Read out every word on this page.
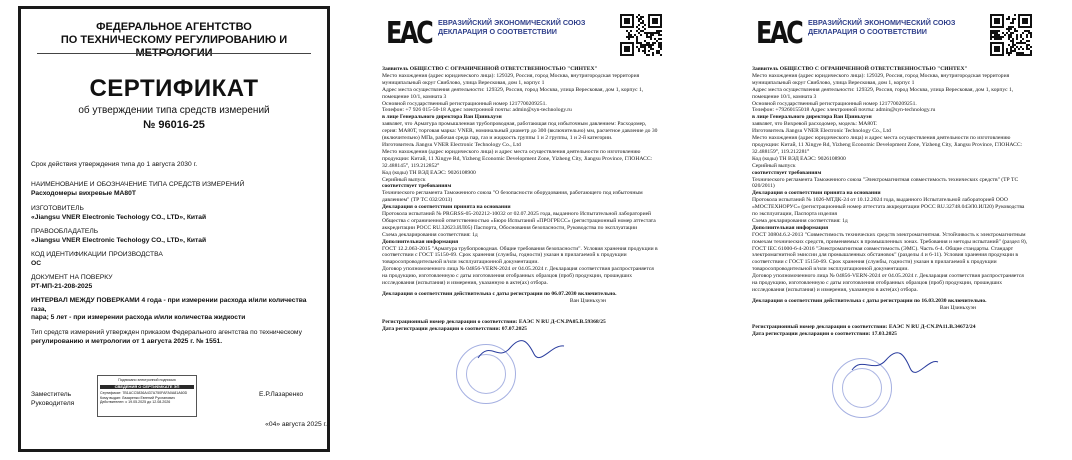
ФЕДЕРАЛЬНОЕ АГЕНТСТВО
ПО ТЕХНИЧЕСКОМУ РЕГУЛИРОВАНИЮ И МЕТРОЛОГИИ
СЕРТИФИКАТ
об утверждении типа средств измерений
№ 96016-25
Срок действия утверждения типа до 1 августа 2030 г.
НАИМЕНОВАНИЕ И ОБОЗНАЧЕНИЕ ТИПА СРЕДСТВ ИЗМЕРЕНИЙ
Расходомеры вихревые MA80T
ИЗГОТОВИТЕЛЬ
«Jiangsu VNER Electronic Techology CO., LTD», Китай
ПРАВООБЛАДАТЕЛЬ
«Jiangsu VNER Electronic Techology CO., LTD», Китай
КОД ИДЕНТИФИКАЦИИ ПРОИЗВОДСТВА
ОС
ДОКУМЕНТ НА ПОВЕРКУ
РТ-МП-21-208-2025
ИНТЕРВАЛ МЕЖДУ ПОВЕРКАМИ 4 года - при измерении расхода и/или количества газа,
пара; 5 лет - при измерении расхода и/или количества жидкости
Тип средств измерений утвержден приказом Федерального агентства по техническому
регулированию и метрологии от 1 августа 2025 г. № 1551.
Заместитель Руководителя
Подписано электронной подписью
СВЕДЕНИЯ О СЕРТИФИКАТЕ ЭП
Сертификат: 7B1ACC5836A437A750FAFA0A81A60D
Кому выдан: Лазаренко Евгений Русланович
Действителен: с 19.05.2025 до 12.08.2026
Е.Р.Лазаренко
«04» августа 2025 г.
ЕАС ЕВРАЗИЙСКИЙ ЭКОНОМИЧЕСКИЙ СОЮЗ
ДЕКЛАРАЦИЯ О СООТВЕТСТВИИ
Заявитель ОБЩЕСТВО С ОГРАНИЧЕННОЙ ОТВЕТСТВЕННОСТЬЮ "СИНТЕХ"
Место нахождения (адрес юридического лица): 129329, Россия, город Москва, внутригородская территория муниципальный округ Свиблово, улица Вересковая, дом 1, корпус 1
Адрес места осуществления деятельности: 129329, Россия, город Москва, улица Вересковая, дом 1, корпус 1, помещение 10/1, комната 3
Основной государственный регистрационный номер 1217700209251.
Телефон: +7 926 015-50-18 Адрес электронной почты: admin@syn-technology.ru
в лице Генерального директора Ван Цзиньхуэн
заявляет, что Арматура промышленная трубопроводная, работающая под избыточным давлением: Расходомер, серия: MA80T, торговая марка: VNER, номинальный диаметр до 300 (включительно) мм, расчетное давление до 30 (включительно) МПа, рабочая среда пар, газ и жидкость группы 1 и 2 группы, 1 и 2-й категории.
Изготовитель Jiangsu VNER Electronic Technology Co., Ltd
Место нахождения (адрес юридического лица) и адрес места осуществления деятельности по изготовлению продукции: Китай, 11 Xingye Rd, Yizheng Economic Development Zone, Yizheng City, Jiangsu Province, ГЛОНАСС: 32.488145°, 119.212852°
Код (коды) ТН ВЭД ЕАЭС: 9026108900
Серийный выпуск
соответствует требованиям
Технического регламента Таможенного союза "О безопасности оборудования, работающего под избыточным давлением" (ТР ТС 032/2013)
Декларация о соответствии принята на основании
Протокола испытаний № PRGRSS-05-202212-10032 от 02.07.2025 года, выданного Испытательной лабораторией Общества с ограниченной ответственностью «Бюро Испытаний «ПРОГРЕСС» (регистрационный номер аттестата аккредитации РОСС RU.32623.ИЛ05) Паспорта, Обоснования безопасности, Руководства по эксплуатации
Схема декларирования соответствия: 1д
Дополнительная информация
ГОСТ 12.2.063-2015 "Арматура трубопроводная. Общие требования безопасности". Условия хранения продукции в соответствии с ГОСТ 15150-69. Срок хранения (службы, годности) указан в прилагаемой к продукции товаросопроводительной и/или эксплуатационной документации.
Договор уполномоченного лица № 04856-VERN-2024 от 04.05.2024 г. Декларация соответствия распространяется на продукцию, изготовленную с даты изготовления отобранных образцов (проб) продукции, прошедших исследования (испытания) и измерения, указанную в акте(ах) отбора.
Декларация о соответствии действительна с даты регистрации по 06.07.2030 включительно.
Ван Цзиньхуэн
Регистрационный номер декларации о соответствии: ЕАЭС N RU Д-CN.РА05.В.59368/25
Дата регистрации декларации о соответствии: 07.07.2025
ЕАС ЕВРАЗИЙСКИЙ ЭКОНОМИЧЕСКИЙ СОЮЗ
ДЕКЛАРАЦИЯ О СООТВЕТСТВИИ
Заявитель ОБЩЕСТВО С ОГРАНИЧЕННОЙ ОТВЕТСТВЕННОСТЬЮ "СИНТЕХ"
Место нахождения (адрес юридического лица): 129329, Россия, город Москва, внутригородская территория муниципальный округ Свиблово, улица Вересковая, дом 1, корпус 1
Адрес места осуществления деятельности: 129329, Россия, город Москва, улица Вересковая, дом 1, корпус 1, помещение 10/1, комната 3
Основной государственный регистрационный номер 1217700209251.
Телефон: +79260155018 Адрес электронной почты: admin@syn-technology.ru
в лице Генерального директора Ван Цзиньхуэн
заявляет, что Вихревой расходомер, модель: MA80T.
Изготовитель Jiangsu VNER Electronic Technology Co., Ltd
Место нахождения (адрес юридического лица) и адрес места осуществления деятельности по изготовлению продукции: Китай, 11 Xingye Rd, Yizheng Economic Development Zone, Yizheng City, Jiangsu Province, ГЛОНАСС: 32.488159°, 119.212281°
Код (коды) ТН ВЭД ЕАЭС: 9026108900
Серийный выпуск
соответствует требованиям
Технического регламента Таможенного союза "Электромагнитная совместимость технических средств" (ТР ТС 020/2011)
Декларация о соответствии принята на основании
Протокола испытаний № 1026-МТДК-24 от 10.12.2024 года, выданного Испытательной лабораторией ООО «МОСТЕХНОРУС» (регистрационный номер аттестата аккредитации РОСС RU.32748.04ЭЛ0.ИЛ20) Руководства по эксплуатации, Паспорта изделия
Схема декларирования соответствия: 1д
Дополнительная информация
ГОСТ 30804.6.2-2013 "Совместимость технических средств электромагнитная. Устойчивость к электромагнитным помехам технических средств, применяемых в промышленных зонах. Требования и методы испытаний" (раздел 8), ГОСТ IEC 61000-6-4-2016 "Электромагнитная совместимость (ЭМС). Часть 6-4. Общие стандарты. Стандарт электромагнитной эмиссии для промышленных обстановок" (разделы 4 и 6-11). Условия хранения продукции в соответствии с ГОСТ 15150-69. Срок хранения (службы, годности) указан в прилагаемой к продукции товаросопроводительной и/или эксплуатационной документации.
Договор уполномоченного лица № 04856-VERN-2024 от 04.05.2024 г. Декларация соответствия распространяется на продукцию, изготовленную с даты изготовления отобранных образцов (проб) продукции, прошедших исследования (испытания) и измерения, указанную в акте(ах) отбора.
Декларация о соответствии действительна с даты регистрации по 16.03.2030 включительно.
Ван Цзиньхуэн
Регистрационный номер декларации о соответствии: ЕАЭС N RU Д-CN.РА11.В.34672/24
Дата регистрации декларации о соответствии: 17.03.2025
